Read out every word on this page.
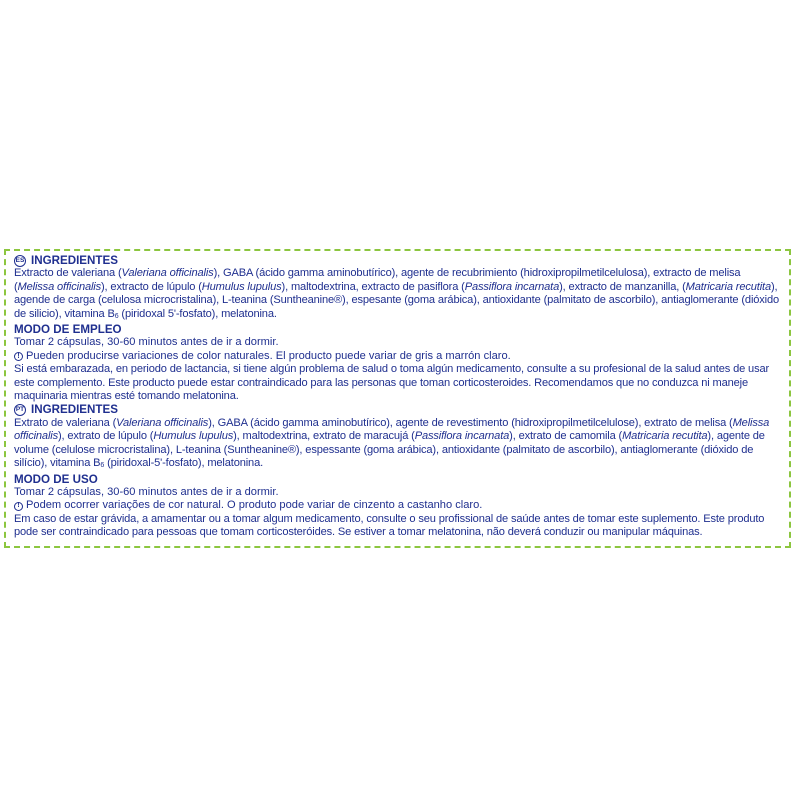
ES INGREDIENTES
Extracto de valeriana (Valeriana officinalis), GABA (ácido gamma aminobutírico), agente de recubrimiento (hidroxipropilmetilcelulosa), extracto de melisa (Melissa officinalis), extracto de lúpulo (Humulus lupulus), maltodextrina, extracto de pasiflora (Passiflora incarnata), extracto de manzanilla, (Matricaria recutita), agende de carga (celulosa microcristalina), L-teanina (Suntheanine®), espesante (goma arábica), antioxidante (palmitato de ascorbilo), antiaglomerante (dióxido de silicio), vitamina $B_6$ (piridoxal 5'-fosfato), melatonina.
MODO DE EMPLEO
Tomar 2 cápsulas, 30-60 minutos antes de ir a dormir.
! Pueden producirse variaciones de color naturales. El producto puede variar de gris a marrón claro.
Si está embarazada, en periodo de lactancia, si tiene algún problema de salud o toma algún medicamento, consulte a su profesional de la salud antes de usar este complemento. Este producto puede estar contraindicado para las personas que toman corticosteroides. Recomendamos que no conduzca ni maneje maquinaria mientras esté tomando melatonina.
PT INGREDIENTES
Extrato de valeriana (Valeriana officinalis), GABA (ácido gamma aminobutírico), agente de revestimento (hidroxipropilmetilcelulose), extrato de melisa (Melissa officinalis), extrato de lúpulo (Humulus lupulus), maltodextrina, extrato de maracujá (Passiflora incarnata), extrato de camomila (Matricaria recutita), agente de volume (celulose microcristalina), L-teanina (Suntheanine®), espessante (goma arábica), antioxidante (palmitato de ascorbilo), antiaglomerante (dióxido de silício), vitamina $B_6$ (piridoxal-5'-fosfato), melatonina.
MODO DE USO
Tomar 2 cápsulas, 30-60 minutos antes de ir a dormir.
! Podem ocorrer variações de cor natural. O produto pode variar de cinzento a castanho claro.
Em caso de estar grávida, a amamentar ou a tomar algum medicamento, consulte o seu profissional de saúde antes de tomar este suplemento. Este produto pode ser contraindicado para pessoas que tomam corticosteróides. Se estiver a tomar melatonina, não deverá conduzir ou manipular máquinas.
